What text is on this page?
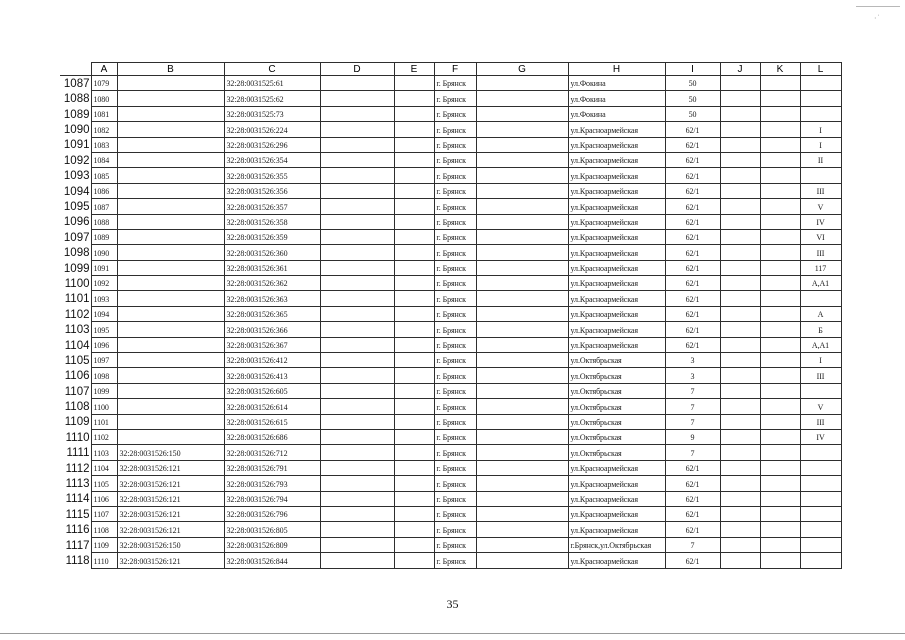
·˙
	A	B	C	D	E	F	G	H	I	J	K	L
1087	1079		32:28:0031525:61			г. Брянск		ул.Фокина	50			
1088	1080		32:28:0031525:62			г. Брянск		ул.Фокина	50			
1089	1081		32:28:0031525:73			г. Брянск		ул.Фокина	50			
1090	1082		32:28:0031526:224			г. Брянск		ул.Красноармейская	62/1			I
1091	1083		32:28:0031526:296			г. Брянск		ул.Красноармейская	62/1			I
1092	1084		32:28:0031526:354			г. Брянск		ул.Красноармейская	62/1			II
1093	1085		32:28:0031526:355			г. Брянск		ул.Красноармейская	62/1			
1094	1086		32:28:0031526:356			г. Брянск		ул.Красноармейская	62/1			III
1095	1087		32:28:0031526:357			г. Брянск		ул.Красноармейская	62/1			V
1096	1088		32:28:0031526:358			г. Брянск		ул.Красноармейская	62/1			IV
1097	1089		32:28:0031526:359			г. Брянск		ул.Красноармейская	62/1			VI
1098	1090		32:28:0031526:360			г. Брянск		ул.Красноармейская	62/1			III
1099	1091		32:28:0031526:361			г. Брянск		ул.Красноармейская	62/1			117
1100	1092		32:28:0031526:362			г. Брянск		ул.Красноармейская	62/1			А,А1
1101	1093		32:28:0031526:363			г. Брянск		ул.Красноармейская	62/1			
1102	1094		32:28:0031526:365			г. Брянск		ул.Красноармейская	62/1			А
1103	1095		32:28:0031526:366			г. Брянск		ул.Красноармейская	62/1			Б
1104	1096		32:28:0031526:367			г. Брянск		ул.Красноармейская	62/1			А,А1
1105	1097		32:28:0031526:412			г. Брянск		ул.Октябрьская	3			I
1106	1098		32:28:0031526:413			г. Брянск		ул.Октябрьская	3			III
1107	1099		32:28:0031526:605			г. Брянск		ул.Октябрьская	7			
1108	1100		32:28:0031526:614			г. Брянск		ул.Октябрьская	7			V
1109	1101		32:28:0031526:615			г. Брянск		ул.Октябрьская	7			III
1110	1102		32:28:0031526:686			г. Брянск		ул.Октябрьская	9			IV
1111	1103	32:28:0031526:150	32:28:0031526:712			г. Брянск		ул.Октябрьская	7			
1112	1104	32:28:0031526:121	32:28:0031526:791			г. Брянск		ул.Красноармейская	62/1			
1113	1105	32:28:0031526:121	32:28:0031526:793			г. Брянск		ул.Красноармейская	62/1			
1114	1106	32:28:0031526:121	32:28:0031526:794			г. Брянск		ул.Красноармейская	62/1			
1115	1107	32:28:0031526:121	32:28:0031526:796			г. Брянск		ул.Красноармейская	62/1			
1116	1108	32:28:0031526:121	32:28:0031526:805			г. Брянск		ул.Красноармейская	62/1			
1117	1109	32:28:0031526:150	32:28:0031526:809			г. Брянск		г.Брянск,ул.Октябрьская	7			
1118	1110	32:28:0031526:121	32:28:0031526:844			г. Брянск		ул.Красноармейская	62/1			
35
